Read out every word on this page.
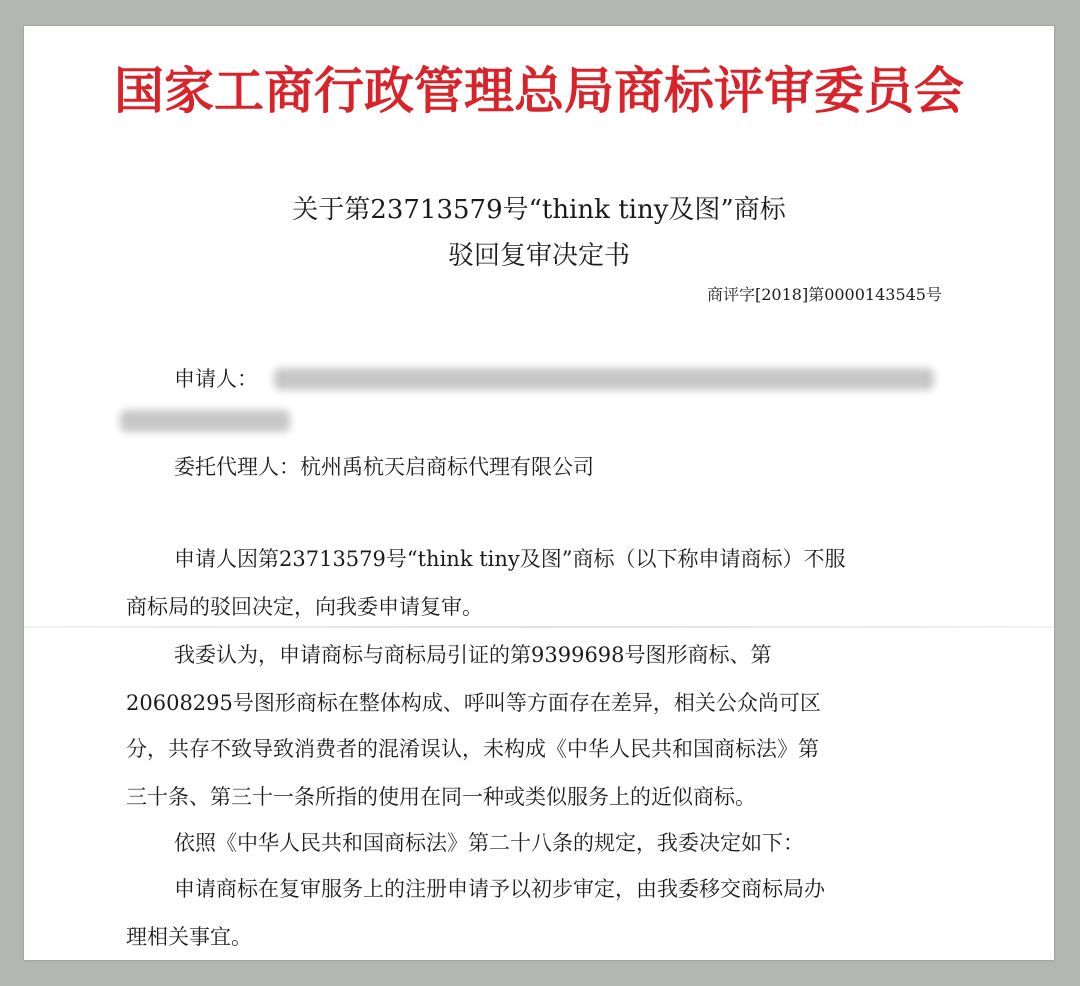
国家工商行政管理总局商标评审委员会
关于第23713579号“think tiny及图”商标
驳回复审决定书
商评字[2018]第0000143545号
申请人：
委托代理人：杭州禹杭天启商标代理有限公司
申请人因第23713579号“think tiny及图”商标（以下称申请商标）不服
商标局的驳回决定，向我委申请复审。
我委认为，申请商标与商标局引证的第9399698号图形商标、第
20608295号图形商标在整体构成、呼叫等方面存在差异，相关公众尚可区
分，共存不致导致消费者的混淆误认，未构成《中华人民共和国商标法》第
三十条、第三十一条所指的使用在同一种或类似服务上的近似商标。
依照《中华人民共和国商标法》第二十八条的规定，我委决定如下：
申请商标在复审服务上的注册申请予以初步审定，由我委移交商标局办
理相关事宜。
